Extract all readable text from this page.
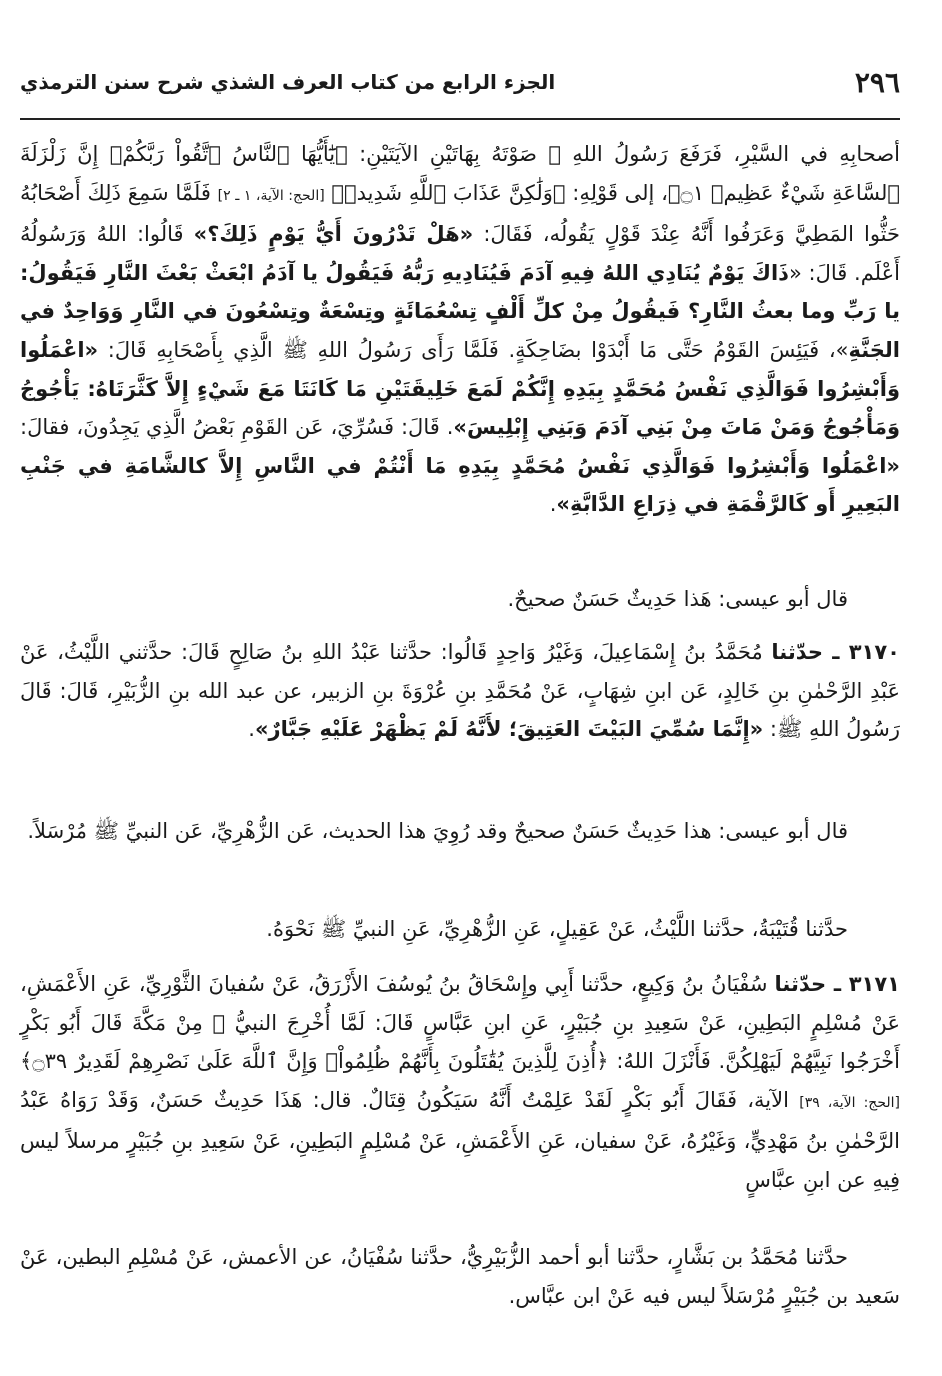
٢٩٦
الجزء الرابع من كتاب العرف الشذي شرح سنن الترمذي

أصحابِهِ في السَّيْرِ، فَرَفَعَ رَسُولُ اللهِ ﷺ صَوْتَهُ بِهَاتَيْنِ الآيَتَيْنِ: ﴿يَٰٓأَيُّهَا ٱلنَّاسُ ٱتَّقُواْ رَبَّكُمْۚ إِنَّ زَلْزَلَةَ ٱلسَّاعَةِ شَيْءٌ عَظِيمٞ ۝١﴾، إلى قَوْلِهِ: ﴿وَلَٰكِنَّ عَذَابَ ٱللَّهِ شَدِيدٞ﴾ [الحج: الآية، ١ ـ ٢] فَلَمَّا سَمِعَ ذَلِكَ أَصْحَابُهُ حَثُّوا المَطِيَّ وَعَرَفُوا أَنَّهُ عِنْدَ قَوْلٍ يَقُولُه، فَقَالَ: «هَلْ تَدْرُونَ أَيُّ يَوْمٍ ذَلِكَ؟» قَالُوا: اللهُ وَرَسُولُهُ أَعْلَم. قَالَ: «ذَاكَ يَوْمٌ يُنَادِي اللهُ فِيهِ آدَمَ فَيُنَادِيهِ رَبُّهُ فَيَقُولُ يا آدَمُ ابْعَثْ بَعْثَ النَّارِ فَيَقُولُ: يا رَبِّ وما بعثُ النَّارِ؟ فَيقُولُ مِنْ كلِّ أَلْفٍ تِسْعُمَائَةٍ وتِسْعَةٌ وتِسْعُونَ في النَّارِ وَوَاحِدٌ في الجَنَّةِ»، فَيَئِسَ القَوْمُ حَتَّى مَا أَبْدَوْا بضَاحِكَةٍ. فَلَمَّا رَأَى رَسُولُ اللهِ ﷺ الَّذِي بِأَصْحَابِهِ قَالَ: «اعْمَلُوا وَأَبْشِرُوا فَوَالَّذِي نَفْسُ مُحَمَّدٍ بِيَدِهِ إِنَّكُمْ لَمَعَ خَلِيقَتَيْنِ مَا كَانَتَا مَعَ شَيْءٍ إِلاَّ كَثَّرَتَاهُ: يَأْجُوجُ وَمَأْجُوجُ وَمَنْ مَاتَ مِنْ بَنِي آدَمَ وَبَنِي إِبْلِيسَ». قَالَ: فَسُرِّيَ، عَن القَوْمِ بَعْضُ الَّذِي يَجِدُونَ، فقالَ: «اعْمَلُوا وَأَبْشِرُوا فَوَالَّذِي نَفْسُ مُحَمَّدٍ بِيَدِهِ مَا أَنْتُمْ في النَّاسِ إِلاَّ كالشَّامَةِ في جَنْبِ البَعِيرِ أَو كَالرَّقْمَةِ في ذِرَاعِ الدَّابَّةِ».

قال أبو عيسى: هَذا حَدِيثٌ حَسَنٌ صحيحٌ.

٣١٧٠ ـ حدّثنا مُحَمَّدُ بنُ إِسْمَاعِيلَ، وَغَيْرُ وَاحِدٍ قَالُوا: حدَّثنا عَبْدُ اللهِ بنُ صَالِحٍ قَالَ: حدَّثني اللَّيْثُ، عَنْ عَبْدِ الرَّحْمٰنِ بنِ خَالِدٍ، عَن ابنِ شِهَابٍ، عَنْ مُحَمَّدِ بنِ عُرْوَةَ بنِ الزبير، عن عبد الله بنِ الزُّبَيْرِ، قَالَ: قَالَ رَسُولُ اللهِ ﷺ: «إِنَّمَا سُمِّيَ البَيْتَ العَتِيقَ؛ لأَنَّهُ لَمْ يَظْهَرْ عَلَيْهِ جَبَّارٌ».

قال أبو عيسى: هذا حَدِيثٌ حَسَنٌ صحيحٌ وقد رُوِيَ هذا الحديث، عَن الزُّهْرِيِّ، عَن النبيِّ ﷺ مُرْسَلاً.

حدَّثنا قُتَيْبَةُ، حدَّثنا اللَّيْثُ، عَنْ عَقِيلٍ، عَنِ الزُّهْرِيِّ، عَنِ النبيِّ ﷺ نَحْوَهُ.

٣١٧١ ـ حدّثنا سُفْيَانُ بنُ وَكِيعٍ، حدَّثنا أَبِي وإِسْحَاقُ بنُ يُوسُفَ الأَزْرَقُ، عَنْ سُفيانَ الثَّوْرِيِّ، عَنِ الأَعْمَشِ، عَنْ مُسْلِمٍ البَطِينِ، عَنْ سَعِيدِ بنِ جُبَيْرٍ، عَنِ ابنِ عَبَّاسٍ قَالَ: لَمَّا أُخْرِجَ النبيُّ ﷺ مِنْ مَكَّةَ قَالَ أَبُو بَكْرٍ أَخْرَجُوا نَبِيَّهُمْ لَيَهْلِكُنَّ. فَأَنْزَلَ اللهُ: ﴿أُذِنَ لِلَّذِينَ يُقَٰتَلُونَ بِأَنَّهُمْ ظُلِمُواْۚ وَإِنَّ ٱللَّهَ عَلَىٰ نَصْرِهِمْ لَقَدِيرٌ ۝٣٩﴾ [الحج: الآية، ٣٩] الآية، فَقَالَ أَبُو بَكْرٍ لَقَدْ عَلِمْتُ أَنَّهُ سَيَكُونُ قِتَالٌ. قال: هَذَا حَدِيثٌ حَسَنٌ، وَقَدْ رَوَاهُ عَبْدُ الرَّحْمٰنِ بنُ مَهْدِيٍّ، وَغَيْرُهُ، عَنْ سفيان، عَنِ الأَعْمَشِ، عَنْ مُسْلِمٍ البَطِينِ، عَنْ سَعِيدِ بنِ جُبَيْرٍ مرسلاً ليس فِيهِ عن ابنِ عبَّاسٍ

حدَّثنا مُحَمَّدُ بن بَشَّارٍ، حدَّثنا أبو أحمد الزُّبَيْرِيُّ، حدَّثنا سُفْيَانُ، عن الأعمش، عَنْ مُسْلِمِ البطين، عَنْ سَعيد بن جُبَيْرٍ مُرْسَلاً ليس فيه عَنْ ابن عبَّاس.
